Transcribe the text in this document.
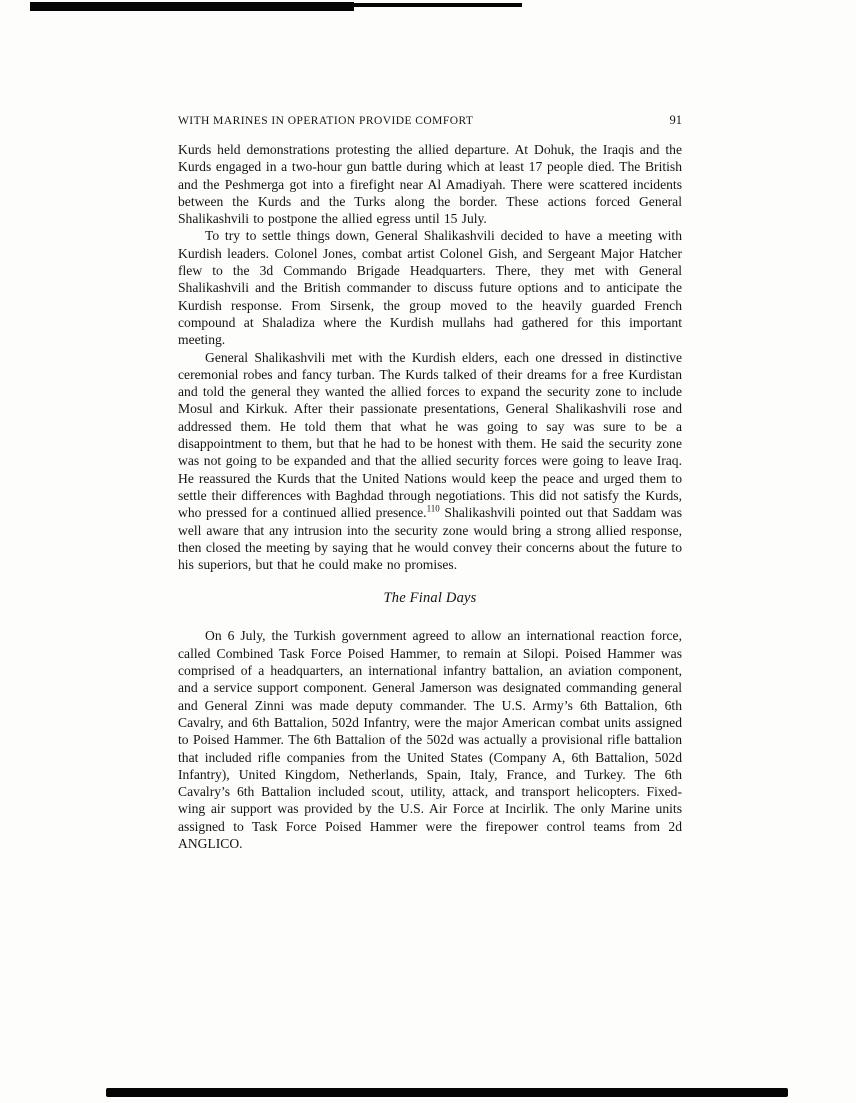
WITH MARINES IN OPERATION PROVIDE COMFORT	91

Kurds held demonstrations protesting the allied departure. At Dohuk, the Iraqis and the Kurds engaged in a two-hour gun battle during which at least 17 people died. The British and the Peshmerga got into a firefight near Al Amadiyah. There were scattered incidents between the Kurds and the Turks along the border. These actions forced General Shalikashvili to postpone the allied egress until 15 July.

To try to settle things down, General Shalikashvili decided to have a meeting with Kurdish leaders. Colonel Jones, combat artist Colonel Gish, and Sergeant Major Hatcher flew to the 3d Commando Brigade Headquarters. There, they met with General Shalikashvili and the British commander to discuss future options and to anticipate the Kurdish response. From Sirsenk, the group moved to the heavily guarded French compound at Shaladiza where the Kurdish mullahs had gathered for this important meeting.

General Shalikashvili met with the Kurdish elders, each one dressed in distinctive ceremonial robes and fancy turban. The Kurds talked of their dreams for a free Kurdistan and told the general they wanted the allied forces to expand the security zone to include Mosul and Kirkuk. After their passionate presentations, General Shalikashvili rose and addressed them. He told them that what he was going to say was sure to be a disappointment to them, but that he had to be honest with them. He said the security zone was not going to be expanded and that the allied security forces were going to leave Iraq. He reassured the Kurds that the United Nations would keep the peace and urged them to settle their differences with Baghdad through negotiations. This did not satisfy the Kurds, who pressed for a continued allied presence.$^{110}$ Shalikashvili pointed out that Saddam was well aware that any intrusion into the security zone would bring a strong allied response, then closed the meeting by saying that he would convey their concerns about the future to his superiors, but that he could make no promises.

The Final Days

On 6 July, the Turkish government agreed to allow an international reaction force, called Combined Task Force Poised Hammer, to remain at Silopi. Poised Hammer was comprised of a headquarters, an international infantry battalion, an aviation component, and a service support component. General Jamerson was designated commanding general and General Zinni was made deputy commander. The U.S. Army’s 6th Battalion, 6th Cavalry, and 6th Battalion, 502d Infantry, were the major American combat units assigned to Poised Hammer. The 6th Battalion of the 502d was actually a provisional rifle battalion that included rifle companies from the United States (Company A, 6th Battalion, 502d Infantry), United Kingdom, Netherlands, Spain, Italy, France, and Turkey. The 6th Cavalry’s 6th Battalion included scout, utility, attack, and transport helicopters. Fixed-wing air support was provided by the U.S. Air Force at Incirlik. The only Marine units assigned to Task Force Poised Hammer were the firepower control teams from 2d ANGLICO.
